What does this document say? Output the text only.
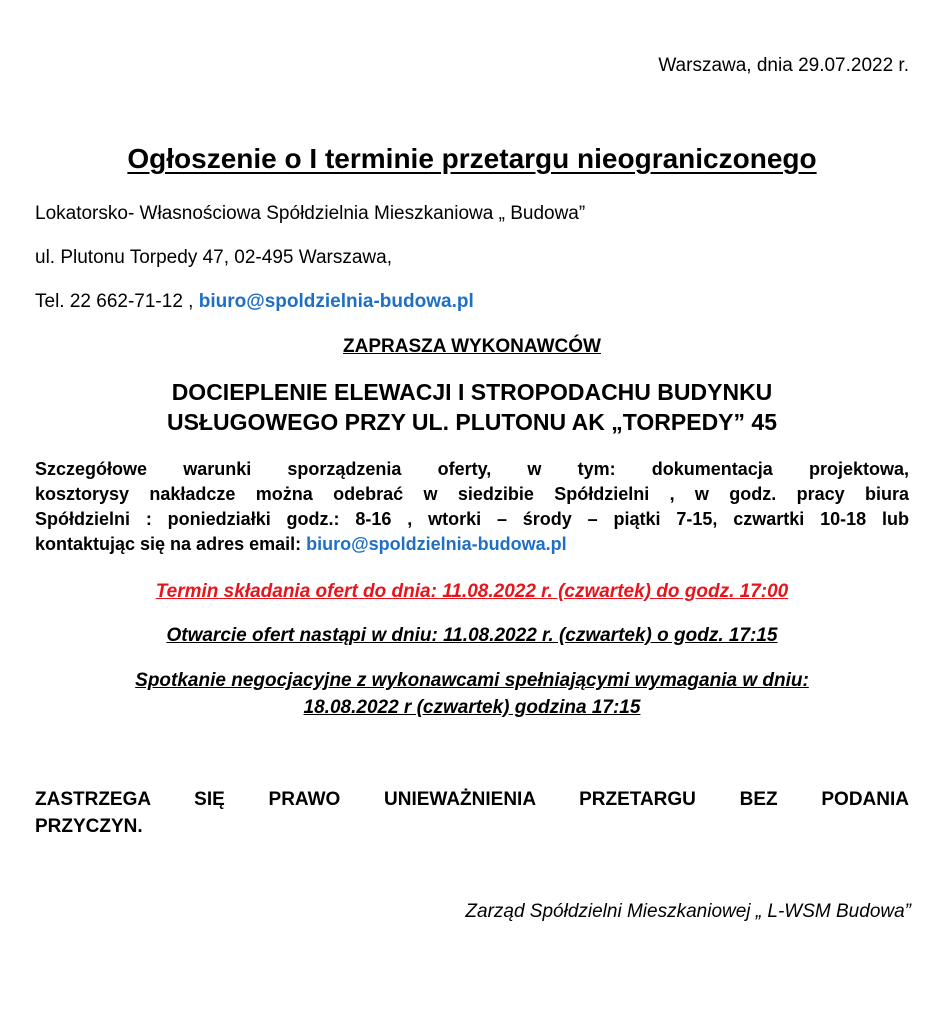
Warszawa, dnia 29.07.2022 r.
Ogłoszenie o I terminie przetargu nieograniczonego
Lokatorsko- Własnościowa Spółdzielnia Mieszkaniowa „ Budowa”
ul. Plutonu Torpedy 47, 02-495 Warszawa,
Tel. 22 662-71-12 , biuro@spoldzielnia-budowa.pl
ZAPRASZA WYKONAWCÓW
DOCIEPLENIE ELEWACJI I STROPODACHU BUDYNKU
USŁUGOWEGO PRZY UL. PLUTONU AK „TORPEDY” 45
Szczegółowe warunki sporządzenia oferty, w tym: dokumentacja projektowa,
kosztorysy nakładcze można odebrać w siedzibie Spółdzielni , w godz. pracy biura
Spółdzielni : poniedziałki godz.: 8-16 , wtorki – środy – piątki 7-15, czwartki 10-18 lub
kontaktując się na adres email: biuro@spoldzielnia-budowa.pl
Termin składania ofert do dnia: 11.08.2022 r. (czwartek) do godz. 17:00
Otwarcie ofert nastąpi w dniu: 11.08.2022 r. (czwartek) o godz. 17:15
Spotkanie negocjacyjne z wykonawcami spełniającymi wymagania w dniu:
18.08.2022 r (czwartek) godzina 17:15
ZASTRZEGA SIĘ PRAWO UNIEWAŻNIENIA PRZETARGU BEZ PODANIA
PRZYCZYN.
Zarząd Spółdzielni Mieszkaniowej „ L-WSM Budowa”
